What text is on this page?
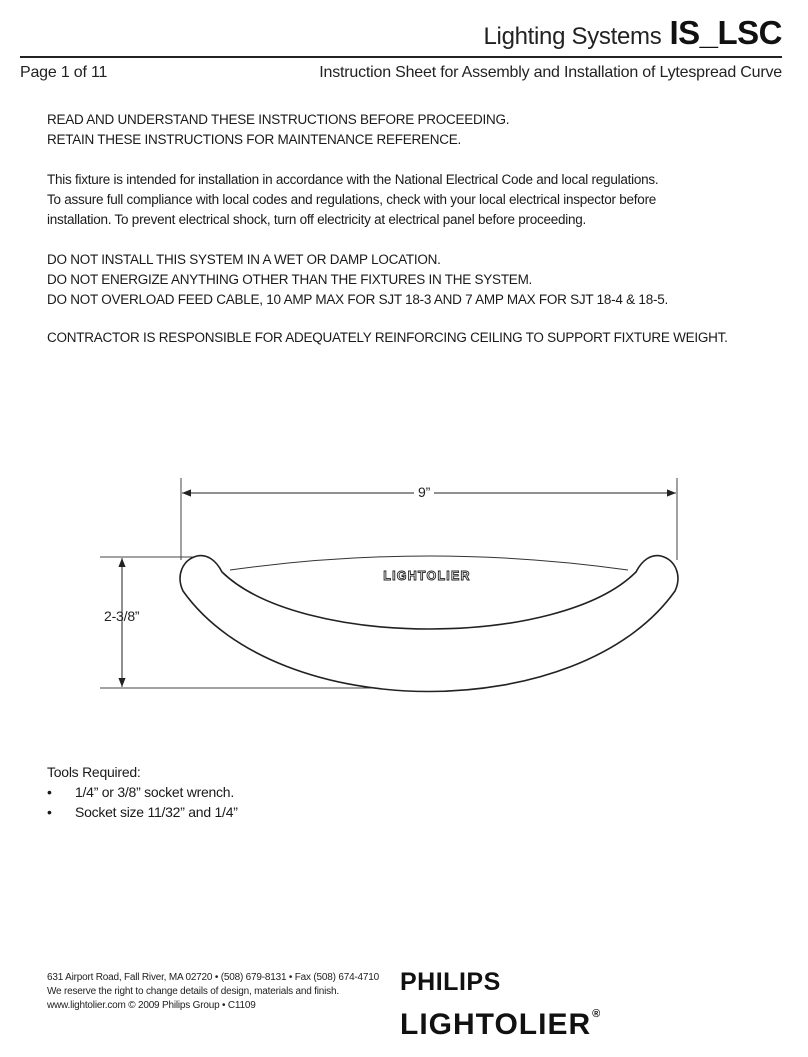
Lighting Systems IS_LSC
Page 1 of 11	Instruction Sheet for Assembly and Installation of Lytespread Curve

READ AND UNDERSTAND THESE INSTRUCTIONS BEFORE PROCEEDING.

RETAIN THESE INSTRUCTIONS FOR MAINTENANCE REFERENCE.

This fixture is intended for installation in accordance with the National Electrical Code and local regulations.

To assure full compliance with local codes and regulations, check with your local electrical inspector before

installation. To prevent electrical shock, turn off electricity at electrical panel before proceeding.

DO NOT INSTALL THIS SYSTEM IN A WET OR DAMP LOCATION.

DO NOT ENERGIZE ANYTHING OTHER THAN THE FIXTURES IN THE SYSTEM.

DO NOT OVERLOAD FEED CABLE, 10 AMP MAX FOR SJT 18-3 AND 7 AMP MAX FOR SJT 18-4 & 18-5.

CONTRACTOR IS RESPONSIBLE FOR ADEQUATELY REINFORCING CEILING TO SUPPORT FIXTURE WEIGHT.

LIGHTOLIER
9”
2-3/8”
Tools Required:
• 1/4” or 3/8” socket wrench.
• Socket size 11/32” and 1/4”
631 Airport Road, Fall River, MA 02720 • (508) 679-8131 • Fax (508) 674-4710
We reserve the right to change details of design, materials and finish.
www.lightolier.com © 2009 Philips Group • C1109
PHILIPS
LIGHTOLIER®
